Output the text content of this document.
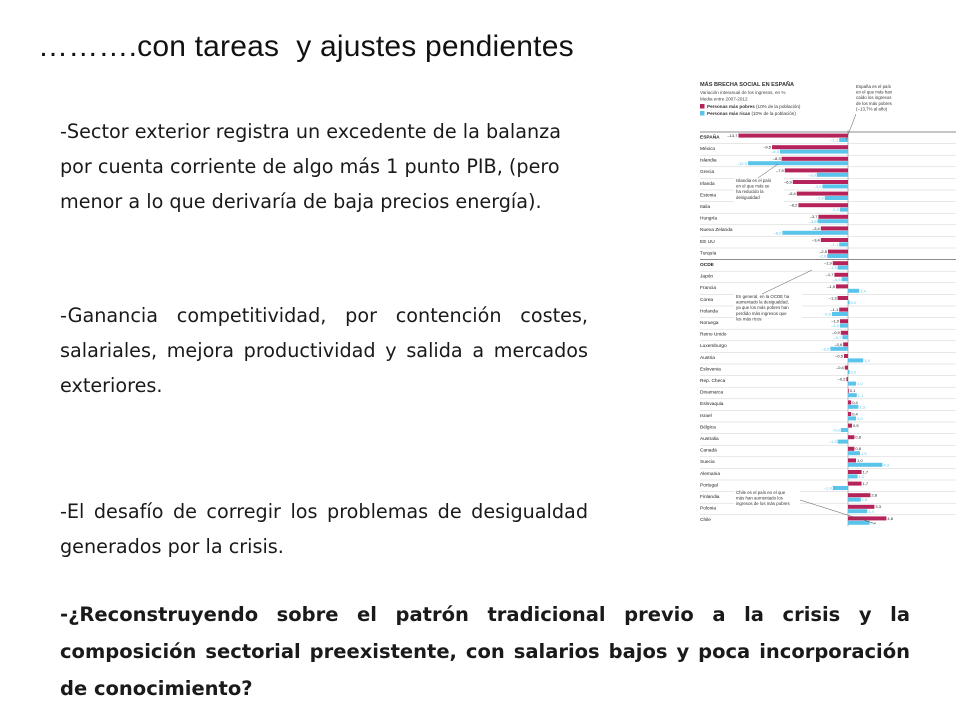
……….con tareas  y ajustes pendientes
-Sector exterior registra un excedente de la balanza por cuenta corriente de algo más 1 punto PIB, (pero menor a lo que derivaría de baja precios energía).
-Ganancia competitividad, por contención costes, salariales, mejora productividad y salida a mercados exteriores.
-El desafío de corregir los problemas de desigualdad generados por la crisis.
-¿Reconstruyendo sobre el patrón tradicional previo a la crisis y la composición sectorial preexistente, con salarios bajos y poca incorporación de conocimiento?
MÁS BRECHA SOCIAL EN ESPAÑA
Variación interanual de los ingresos, en %
Media entre 2007-2012
Personas más pobres (10% de la población)
Personas más ricas (10% de la población)
ESPAÑA –13,7
–1,1
México	–9,5
–8,5
Islandia	–8,3
–12,5
Grecia	–7,9
–3,9
Irlanda	–6,9
–3,2
Estonia	–6,4
–2,9
Italia	–6,2
–1,0
Hungría	–3,7
–3,8
Nueva Zelanda	–3,4
–8,2
EE UU	–3,4
–1,1
Turquía	–2,5
–2,6
OCDE	–1,9
–1,3
Japón	–1,7
–0,8
Francia	–1,5
1,4
Corea	–1,3
0,2
Holanda	–1,1
–2,0
Noruega	–1,0
–1,0
Reino Unido	–0,9
–0,7
Luxemburgo	–0,6
–2,2
Austria	–0,5
1,9
Eslovenia	–0,4
0,2
Rep. Checa	–0,2
1,0
Dinamarca	0,1
1,1
Eslovaquia	0,4
1,3
Israel	0,4
1,0
Bélgica	0,5
–0,9
Australia	0,8
–1,3
Canadá	0,8
1,5
Suecia	1,0
4,3
Alemania	1,7
1,2
Portugal	1,7
–1,9
Finlandia	2,8
1,6
Polonia	3,3
2,4
Chile	4,8
2,7
España es el país
en el que más han
caído los ingresos
de los más pobres
(−13,7% al año)
Islandia es el país
en el que más se
ha reducido la
desigualdad
En general, en la OCDE ha
aumentado la desigualdad,
ya que los más pobres han
perdido más ingresos que
los más ricos
Chile es el país en el que
más han aumentado los
ingresos de los más pobres
